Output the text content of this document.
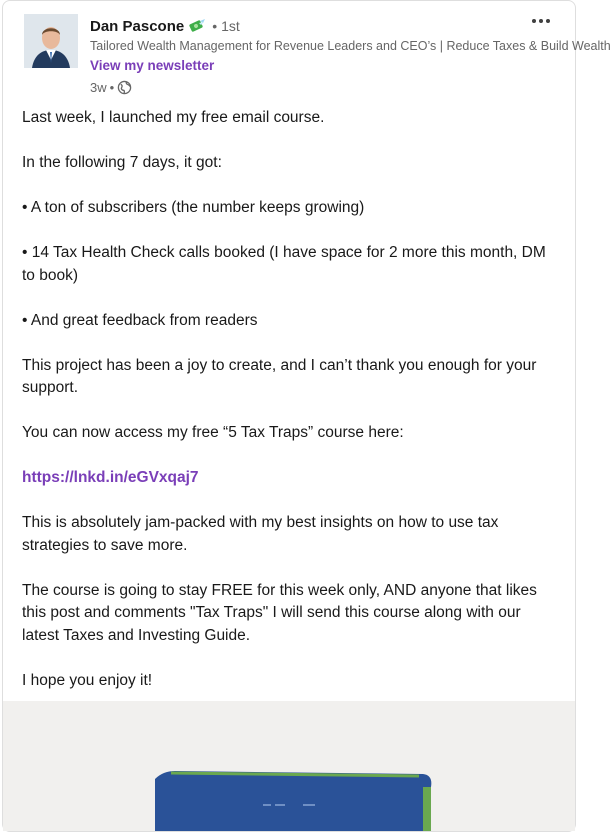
Dan Pascone • 1st
Tailored Wealth Management for Revenue Leaders and CEO’s | Reduce Taxes & Build Wealth
View my newsletter
3w •

Last week, I launched my free email course.

In the following 7 days, it got:

• A ton of subscribers (the number keeps growing)

• 14 Tax Health Check calls booked (I have space for 2 more this month, DM to book)

• And great feedback from readers

This project has been a joy to create, and I can’t thank you enough for your support.

You can now access my free “5 Tax Traps” course here:

https://lnkd.in/eGVxqaj7

This is absolutely jam-packed with my best insights on how to use tax strategies to save more.

The course is going to stay FREE for this week only, AND anyone that likes this post and comments "Tax Traps" I will send this course along with our latest Taxes and Investing Guide.

I hope you enjoy it!
